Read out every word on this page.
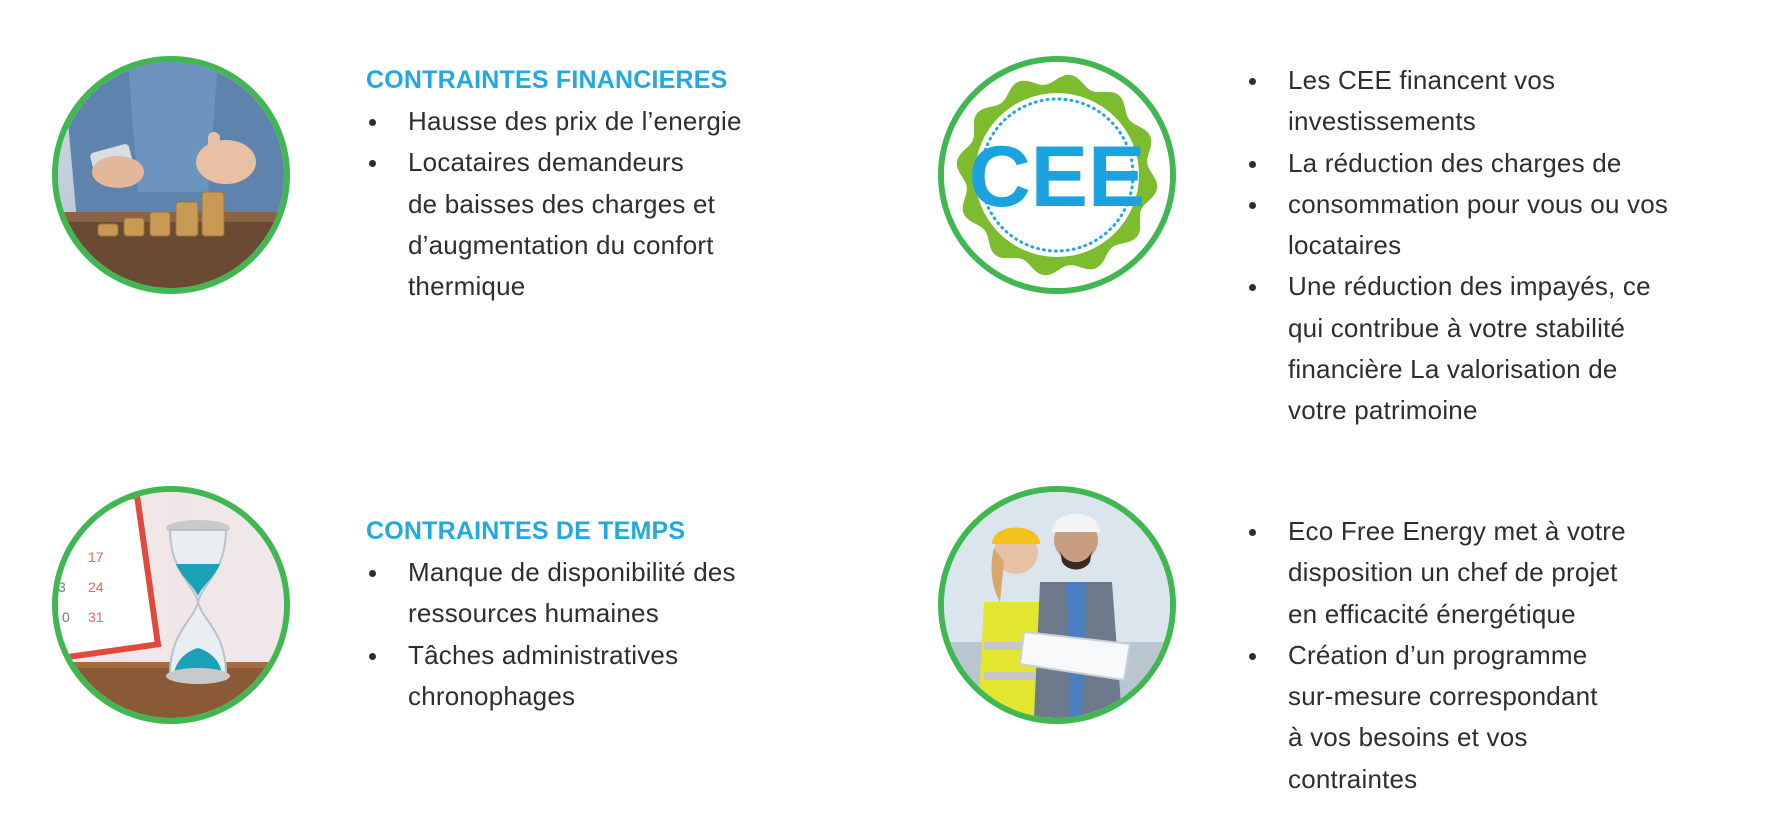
CONTRAINTES FINANCIERES
Hausse des prix de l’energie
Locataires demandeurs
de baisses des charges et
d’augmentation du confort
thermique
CEE
Les CEE financent vos
investissements
La réduction des charges de
consommation pour vous ou vos
locataires
Une réduction des impayés, ce
qui contribue à votre stabilité
financière La valorisation de
votre patrimoine
17
24
31
3
0
CONTRAINTES DE TEMPS
Manque de disponibilité des
ressources humaines
Tâches administratives
chronophages
Eco Free Energy met à votre
disposition un chef de projet
en efficacité énergétique
Création d’un programme
sur-mesure correspondant
à vos besoins et vos
contraintes
